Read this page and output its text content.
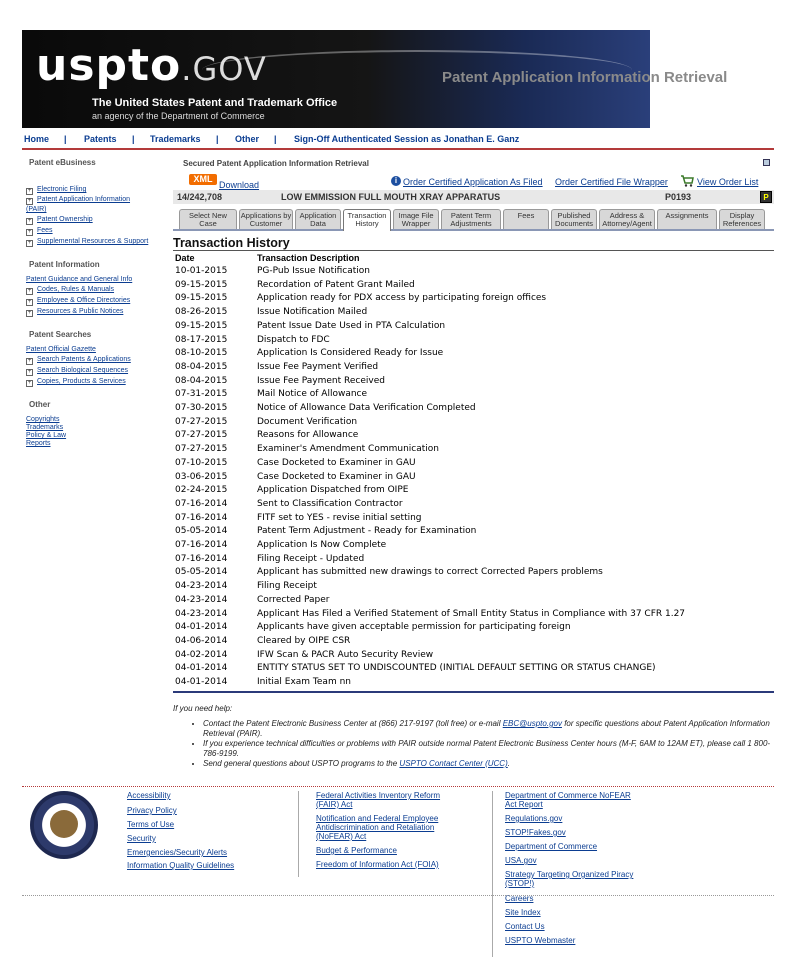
uspto.GOV
The United States Patent and Trademark Office
an agency of the Department of Commerce
Patent Application Information Retrieval
Home | Patents | Trademarks | Other | Sign-Off Authenticated Session as Jonathan E. Ganz
Patent eBusiness
+ Electronic Filing
+ Patent Application Information
(PAIR)
+ Patent Ownership
+ Fees
+ Supplemental Resources & Support
Patent Information
Patent Guidance and General Info
+ Codes, Rules & Manuals
+ Employee & Office Directories
+ Resources & Public Notices
Patent Searches
Patent Official Gazette
+ Search Patents & Applications
+ Search Biological Sequences
+ Copies, Products & Services
Other
Copyrights
Trademarks
Policy & Law
Reports
Secured Patent Application Information Retrieval
XML
Download	i Order Certified Application As Filed Order Certified File Wrapper	View Order List
14/242,708	LOW EMMISSION FULL MOUTH XRAY APPARATUS	P0193	P
Select New Case
Applications by Customer
Application Data
Transaction History
Image File Wrapper
Patent Term Adjustments
Fees	Published Documents
Address & Attorney/Agent
Assignments	Display References
Transaction History
Date	Transaction Description
10-01-2015	PG-Pub Issue Notification
09-15-2015	Recordation of Patent Grant Mailed
09-15-2015	Application ready for PDX access by participating foreign offices
08-26-2015	Issue Notification Mailed
09-15-2015	Patent Issue Date Used in PTA Calculation
08-17-2015	Dispatch to FDC
08-10-2015	Application Is Considered Ready for Issue
08-04-2015	Issue Fee Payment Verified
08-04-2015	Issue Fee Payment Received
07-31-2015	Mail Notice of Allowance
07-30-2015	Notice of Allowance Data Verification Completed
07-27-2015	Document Verification
07-27-2015	Reasons for Allowance
07-27-2015	Examiner's Amendment Communication
07-10-2015	Case Docketed to Examiner in GAU
03-06-2015	Case Docketed to Examiner in GAU
02-24-2015	Application Dispatched from OIPE
07-16-2014	Sent to Classification Contractor
07-16-2014	FITF set to YES - revise initial setting
05-05-2014	Patent Term Adjustment - Ready for Examination
07-16-2014	Application Is Now Complete
07-16-2014	Filing Receipt - Updated
05-05-2014	Applicant has submitted new drawings to correct Corrected Papers problems
04-23-2014	Filing Receipt
04-23-2014	Corrected Paper
04-23-2014	Applicant Has Filed a Verified Statement of Small Entity Status in Compliance with 37 CFR 1.27
04-01-2014	Applicants have given acceptable permission for participating foreign
04-06-2014	Cleared by OIPE CSR
04-02-2014	IFW Scan & PACR Auto Security Review
04-01-2014	ENTITY STATUS SET TO UNDISCOUNTED (INITIAL DEFAULT SETTING OR STATUS CHANGE)
04-01-2014	Initial Exam Team nn
If you need help:
• Contact the Patent Electronic Business Center at (866) 217-9197 (toll free) or e-mail EBC@uspto.gov for specific questions about Patent Application Information Retrieval (PAIR).
• If you experience technical difficulties or problems with PAIR outside normal Patent Electronic Business Center hours (M-F, 6AM to 12AM ET), please call 1 800-786-9199.
• Send general questions about USPTO programs to the USPTO Contact Center (UCC).
Accessibility
Privacy Policy
Terms of Use
Security
Emergencies/Security Alerts
Information Quality Guidelines
Federal Activities Inventory Reform
(FAIR) Act
Notification and Federal Employee
Antidiscrimination and Retaliation
(NoFEAR) Act
Budget & Performance
Freedom of Information Act (FOIA)
Department of Commerce NoFEAR
Act Report
Regulations.gov
STOP!Fakes.gov
Department of Commerce
USA.gov
Strategy Targeting Organized Piracy
(STOP!)
Careers
Site Index
Contact Us
USPTO Webmaster
